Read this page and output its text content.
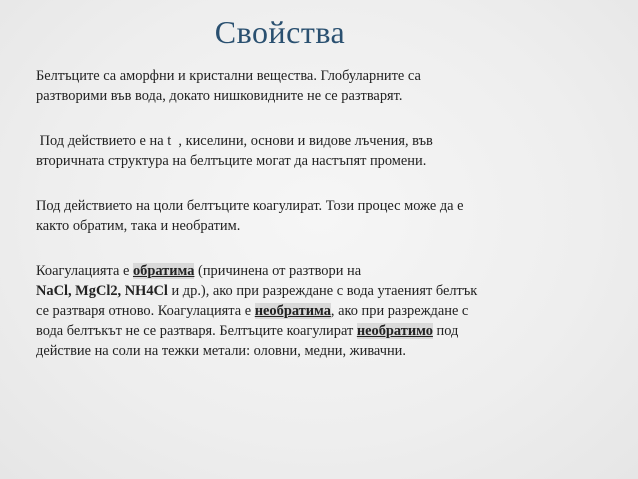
Свойства
Белтъците са аморфни и кристални вещества. Глобуларните са
разтворими във вода, докато нишковидните не се разтварят.
Под действието е на t  , киселини, основи и видове лъчения, във
вторичната структура на белтъците могат да настъпят промени.
Под действието на цоли белтъците коагулират. Този процес може да е
както обратим, така и необратим.
Коагулацията е обратима (причинена от разтвори на
NaCl, MgCl2, NH4Cl и др.), ако при разреждане с вода утаеният белтък
се разтваря отново. Коагулацията е необратима, ако при разреждане с
вода белтъкът не се разтваря. Белтъците коагулират необратимо под
действие на соли на тежки метали: оловни, медни, живачни.
